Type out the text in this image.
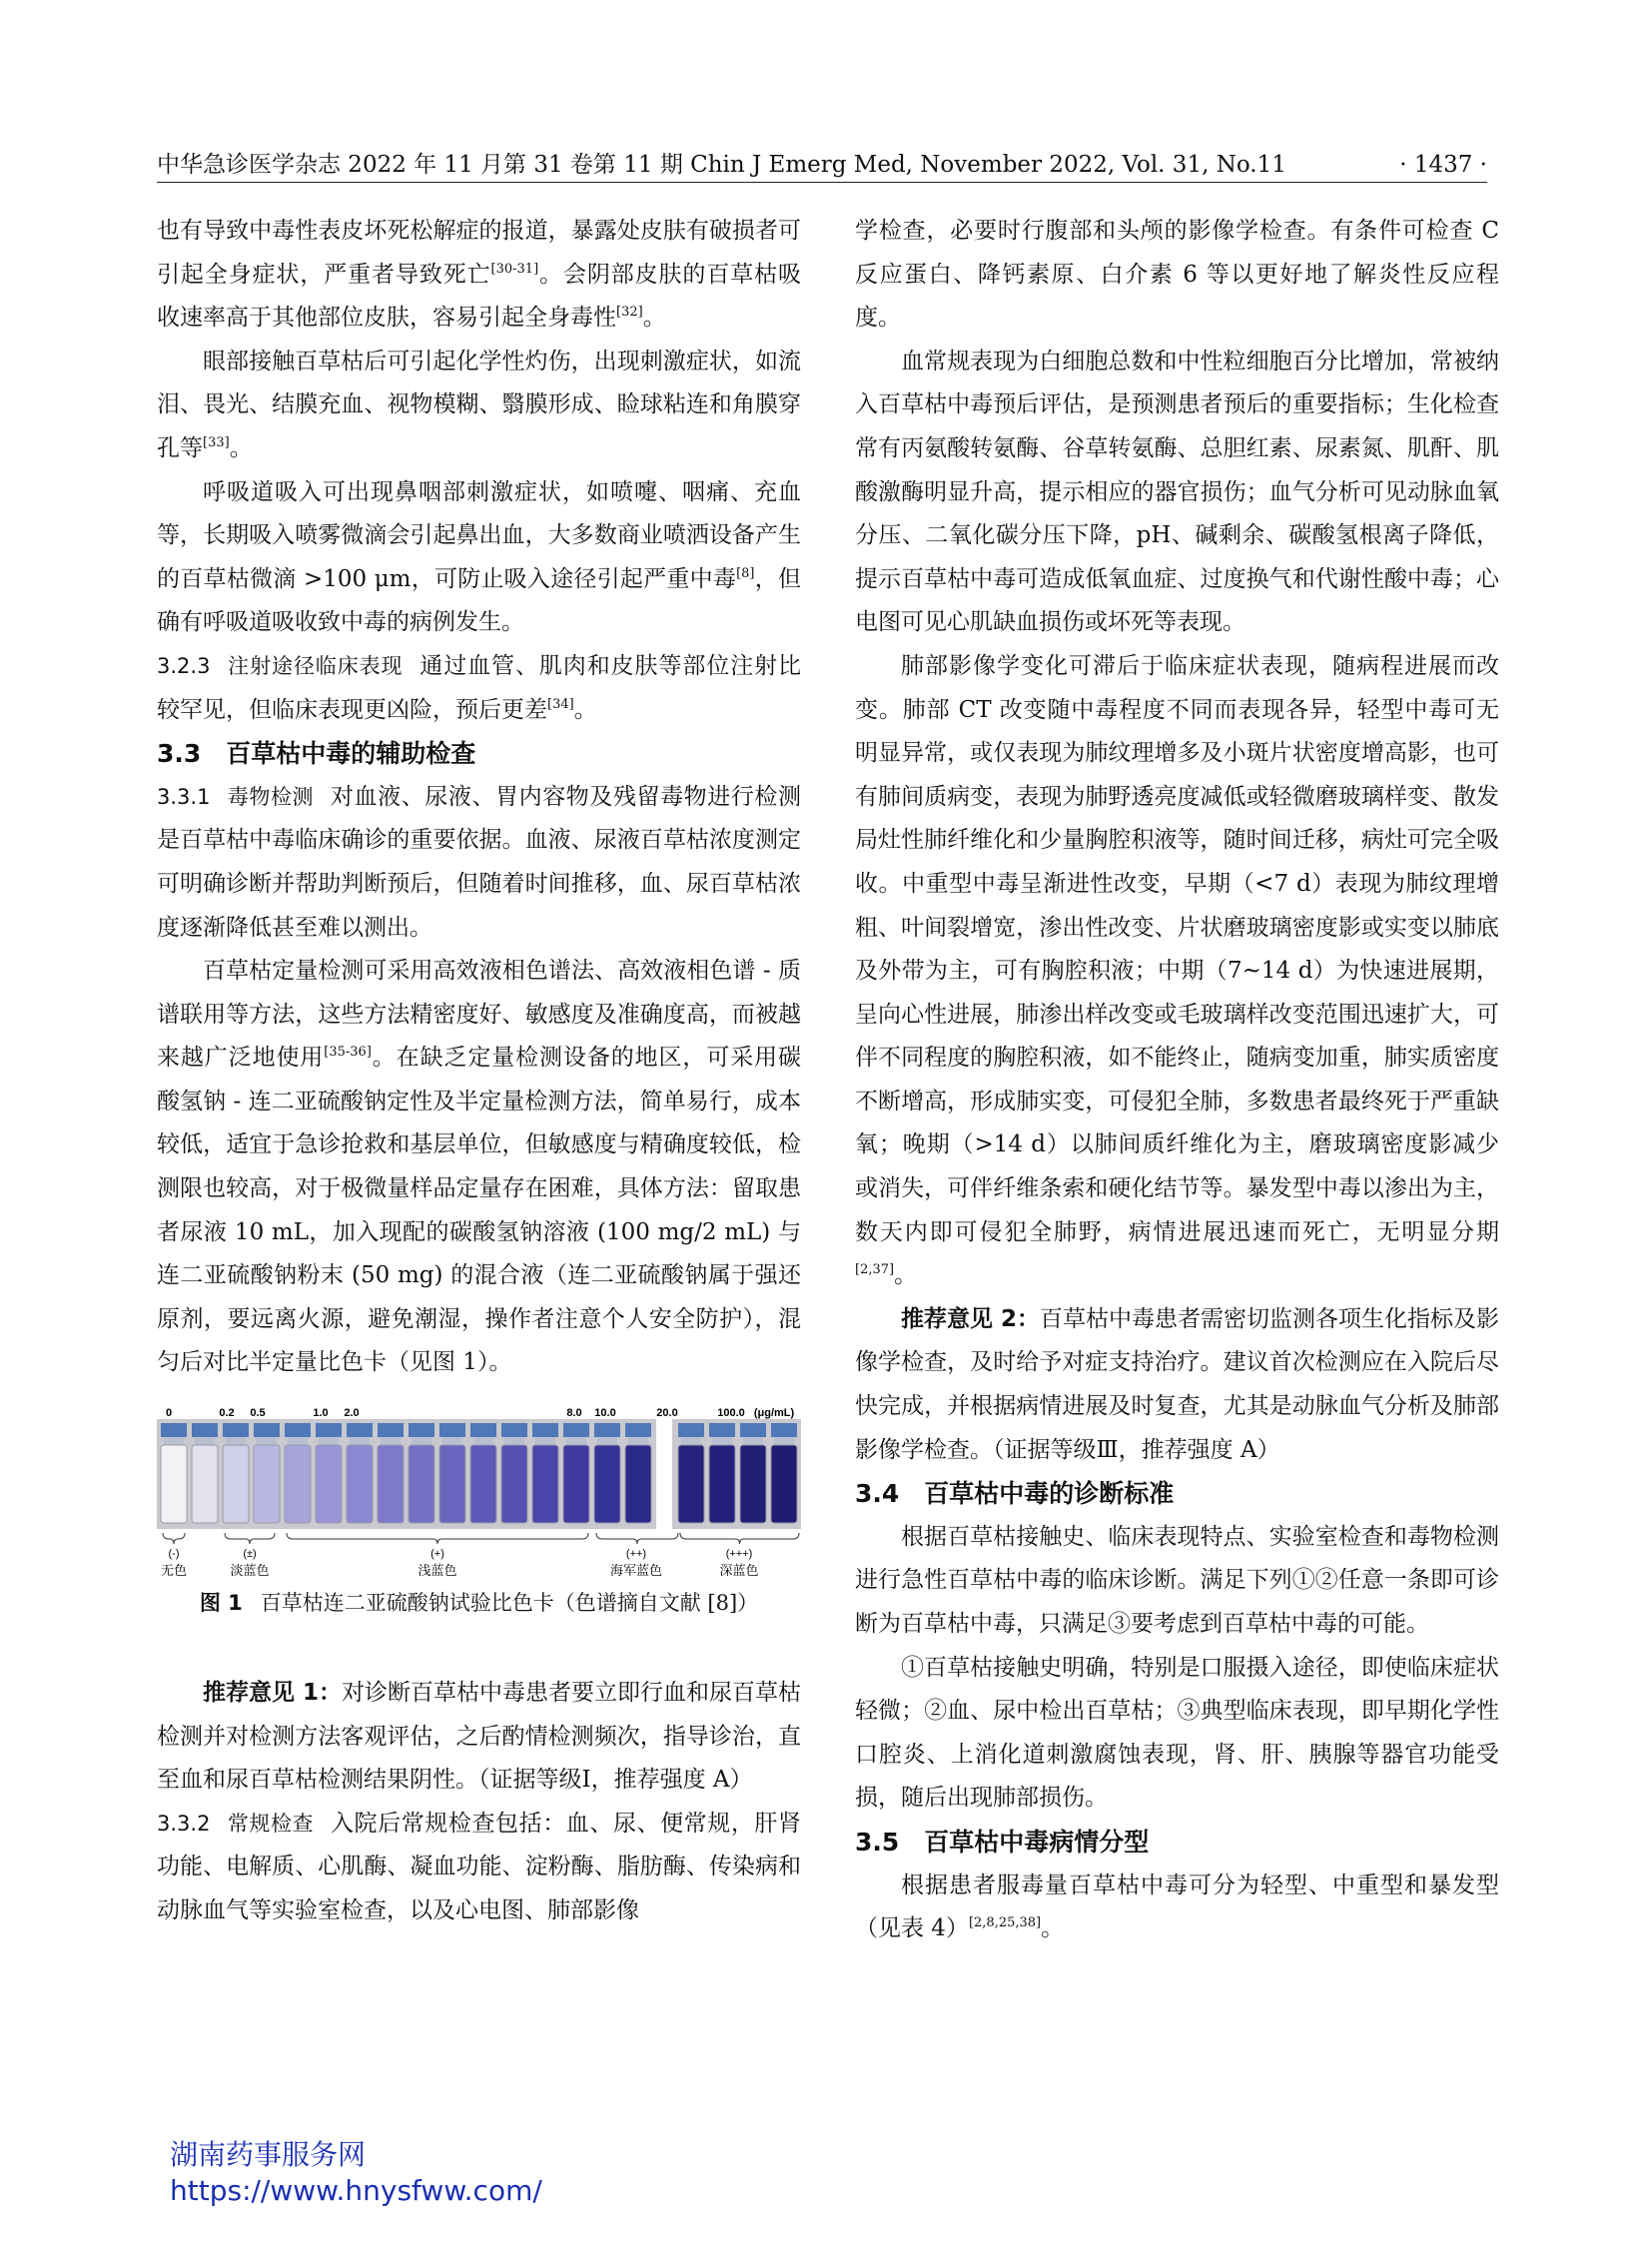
中华急诊医学杂志 2022 年 11 月第 31 卷第 11 期 Chin J Emerg Med, November 2022, Vol. 31, No.11	· 1437 ·

也有导致中毒性表皮坏死松解症的报道，暴露处皮肤有破损者可引起全身症状，严重者导致死亡[30-31]。会阴部皮肤的百草枯吸收速率高于其他部位皮肤，容易引起全身毒性[32]。

眼部接触百草枯后可引起化学性灼伤，出现刺激症状，如流泪、畏光、结膜充血、视物模糊、翳膜形成、睑球粘连和角膜穿孔等[33]。

呼吸道吸入可出现鼻咽部刺激症状，如喷嚏、咽痛、充血等，长期吸入喷雾微滴会引起鼻出血，大多数商业喷洒设备产生的百草枯微滴 >100 μm，可防止吸入途径引起严重中毒[8]，但确有呼吸道吸收致中毒的病例发生。

3.2.3 注射途径临床表现 通过血管、肌肉和皮肤等部位注射比较罕见，但临床表现更凶险，预后更差[34]。

3.3　百草枯中毒的辅助检查

3.3.1 毒物检测 对血液、尿液、胃内容物及残留毒物进行检测是百草枯中毒临床确诊的重要依据。血液、尿液百草枯浓度测定可明确诊断并帮助判断预后，但随着时间推移，血、尿百草枯浓度逐渐降低甚至难以测出。

百草枯定量检测可采用高效液相色谱法、高效液相色谱 - 质谱联用等方法，这些方法精密度好、敏感度及准确度高，而被越来越广泛地使用[35-36]。在缺乏定量检测设备的地区，可采用碳酸氢钠 - 连二亚硫酸钠定性及半定量检测方法，简单易行，成本较低，适宜于急诊抢救和基层单位，但敏感度与精确度较低，检测限也较高，对于极微量样品定量存在困难，具体方法：留取患者尿液 10 mL，加入现配的碳酸氢钠溶液 (100 mg/2 mL) 与连二亚硫酸钠粉末 (50 mg) 的混合液（连二亚硫酸钠属于强还原剂，要远离火源，避免潮湿，操作者注意个人安全防护），混匀后对比半定量比色卡（见图 1）。

0	0.2 0.5	1.0 2.0	8.0 10.0	20.0	100.0 (μg/mL)
(-)
无色
(±)
淡蓝色
(+)
浅蓝色
(++)
海军蓝色
(+++)
深蓝色

图 1 百草枯连二亚硫酸钠试验比色卡（色谱摘自文献 [8]）

推荐意见 1：对诊断百草枯中毒患者要立即行血和尿百草枯检测并对检测方法客观评估，之后酌情检测频次，指导诊治，直至血和尿百草枯检测结果阴性。（证据等级Ⅰ，推荐强度 A）

3.3.2 常规检查 入院后常规检查包括：血、尿、便常规，肝肾功能、电解质、心肌酶、凝血功能、淀粉酶、脂肪酶、传染病和动脉血气等实验室检查，以及心电图、肺部影像

学检查，必要时行腹部和头颅的影像学检查。有条件可检查 C 反应蛋白、降钙素原、白介素 6 等以更好地了解炎性反应程度。

血常规表现为白细胞总数和中性粒细胞百分比增加，常被纳入百草枯中毒预后评估，是预测患者预后的重要指标；生化检查常有丙氨酸转氨酶、谷草转氨酶、总胆红素、尿素氮、肌酐、肌酸激酶明显升高，提示相应的器官损伤；血气分析可见动脉血氧分压、二氧化碳分压下降，pH、碱剩余、碳酸氢根离子降低，提示百草枯中毒可造成低氧血症、过度换气和代谢性酸中毒；心电图可见心肌缺血损伤或坏死等表现。

肺部影像学变化可滞后于临床症状表现，随病程进展而改变。肺部 CT 改变随中毒程度不同而表现各异，轻型中毒可无明显异常，或仅表现为肺纹理增多及小斑片状密度增高影，也可有肺间质病变，表现为肺野透亮度减低或轻微磨玻璃样变、散发局灶性肺纤维化和少量胸腔积液等，随时间迁移，病灶可完全吸收。中重型中毒呈渐进性改变，早期（<7 d）表现为肺纹理增粗、叶间裂增宽，渗出性改变、片状磨玻璃密度影或实变以肺底及外带为主，可有胸腔积液；中期（7~14 d）为快速进展期，呈向心性进展，肺渗出样改变或毛玻璃样改变范围迅速扩大，可伴不同程度的胸腔积液，如不能终止，随病变加重，肺实质密度不断增高，形成肺实变，可侵犯全肺，多数患者最终死于严重缺氧；晚期（>14 d）以肺间质纤维化为主，磨玻璃密度影减少或消失，可伴纤维条索和硬化结节等。暴发型中毒以渗出为主，数天内即可侵犯全肺野，病情进展迅速而死亡，无明显分期[2,37]。

推荐意见 2：百草枯中毒患者需密切监测各项生化指标及影像学检查，及时给予对症支持治疗。建议首次检测应在入院后尽快完成，并根据病情进展及时复查，尤其是动脉血气分析及肺部影像学检查。（证据等级Ⅲ，推荐强度 A）

3.4　百草枯中毒的诊断标准

根据百草枯接触史、临床表现特点、实验室检查和毒物检测进行急性百草枯中毒的临床诊断。满足下列①②任意一条即可诊断为百草枯中毒，只满足③要考虑到百草枯中毒的可能。

①百草枯接触史明确，特别是口服摄入途径，即使临床症状轻微；②血、尿中检出百草枯；③典型临床表现，即早期化学性口腔炎、上消化道刺激腐蚀表现，肾、肝、胰腺等器官功能受损，随后出现肺部损伤。

3.5　百草枯中毒病情分型

根据患者服毒量百草枯中毒可分为轻型、中重型和暴发型（见表 4）[2,8,25,38]。

湖南药事服务网
https://www.hnysfww.com/
